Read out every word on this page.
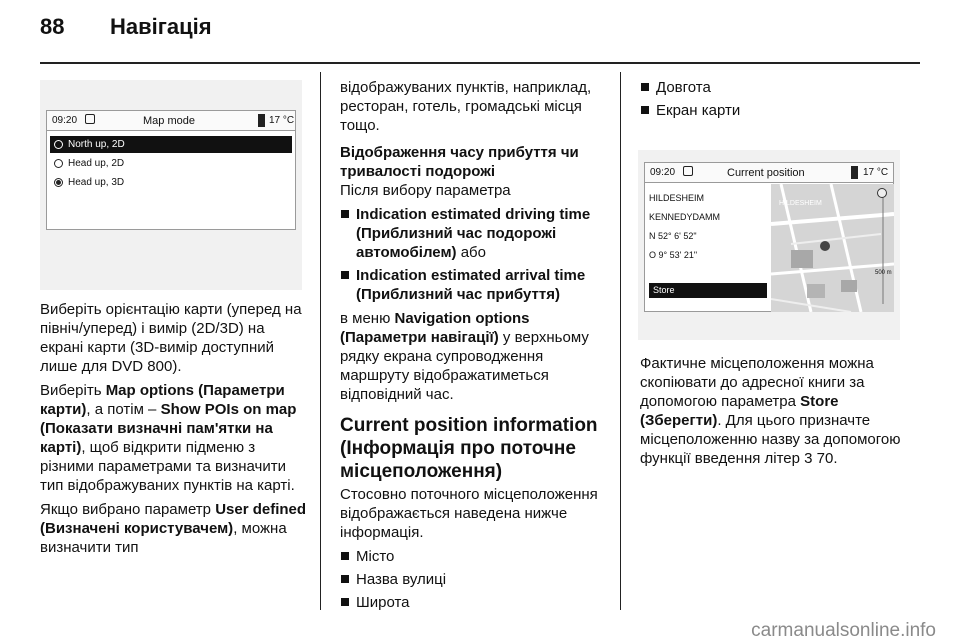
88	Навігація
09:20	Map mode	17 °C
North up, 2D
Head up, 2D
Head up, 3D

Виберіть орієнтацію карти (уперед на північ/уперед) і вимір (2D/3D) на екрані карти (3D-вимір доступний лише для DVD 800).

Виберіть Map options (Параметри карти), а потім – Show POIs on map (Показати визначні пам'ятки на карті), щоб відкрити підменю з різними параметрами та визначити тип відображуваних пунктів на карті.

Якщо вибрано параметр User defined (Визначені користувачем), можна визначити тип

відображуваних пунктів, наприклад, ресторан, готель, громадські місця тощо.

Відображення часу прибуття чи тривалості подорожі

Після вибору параметра

Indication estimated driving time (Приблизний час подорожі автомобілем) або
Indication estimated arrival time (Приблизний час прибуття)

в меню Navigation options (Параметри навігації) у верхньому рядку екрана супроводження маршруту відображатиметься відповідний час.

Current position information (Інформація про поточне місцеположення)

Стосовно поточного місцеположення відображається наведена нижче інформація.

Місто
Назва вулиці
Широта
Довгота
Екран карти
09:20	Current position	17 °C
HILDESHEIM
KENNEDYDAMM
N 52° 6' 52"
O 9° 53' 21"
Store
HILDESHEIM
500 m

Фактичне місцеположення можна скопіювати до адресної книги за допомогою параметра Store (Зберегти). Для цього призначте місцеположенню назву за допомогою функції введення літер 3 70.

carmanualsonline.info
